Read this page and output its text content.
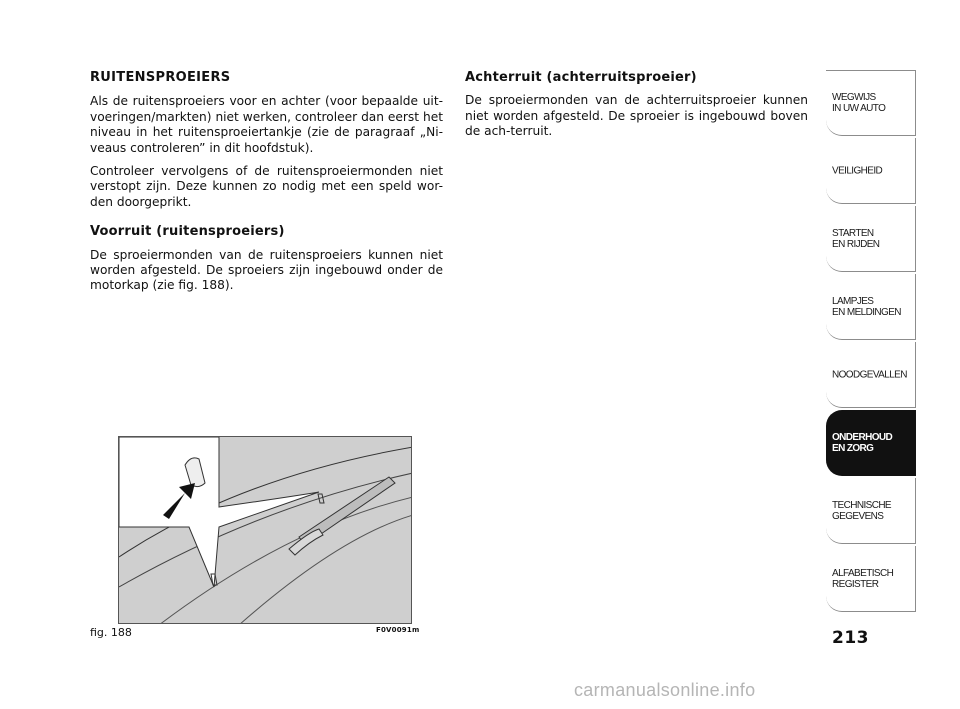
RUITENSPROEIERS

Als de ruitensproeiers voor en achter (voor bepaalde uit-voeringen/markten) niet werken, controleer dan eerst het niveau in het ruitensproeiertankje (zie de paragraaf „Ni-veaus controleren” in dit hoofdstuk).

Controleer vervolgens of de ruitensproeiermonden niet verstopt zijn. Deze kunnen zo nodig met een speld wor-den doorgeprikt.

Voorruit (ruitensproeiers)

De sproeiermonden van de ruitensproeiers kunnen niet worden afgesteld. De sproeiers zijn ingebouwd onder de motorkap (zie fig. 188).

Achterruit (achterruitsproeier)

De sproeiermonden van de achterruitsproeier kunnen niet worden afgesteld. De sproeier is ingebouwd boven de ach-terruit.

fig. 188	F0V0091m
WEGWIJS
IN UW AUTO
VEILIGHEID
STARTEN
EN RIJDEN
LAMPJES
EN MELDINGEN
NOODGEVALLEN
ONDERHOUD
EN ZORG
TECHNISCHE
GEGEVENS
ALFABETISCH
REGISTER
213
carmanualsonline.info
